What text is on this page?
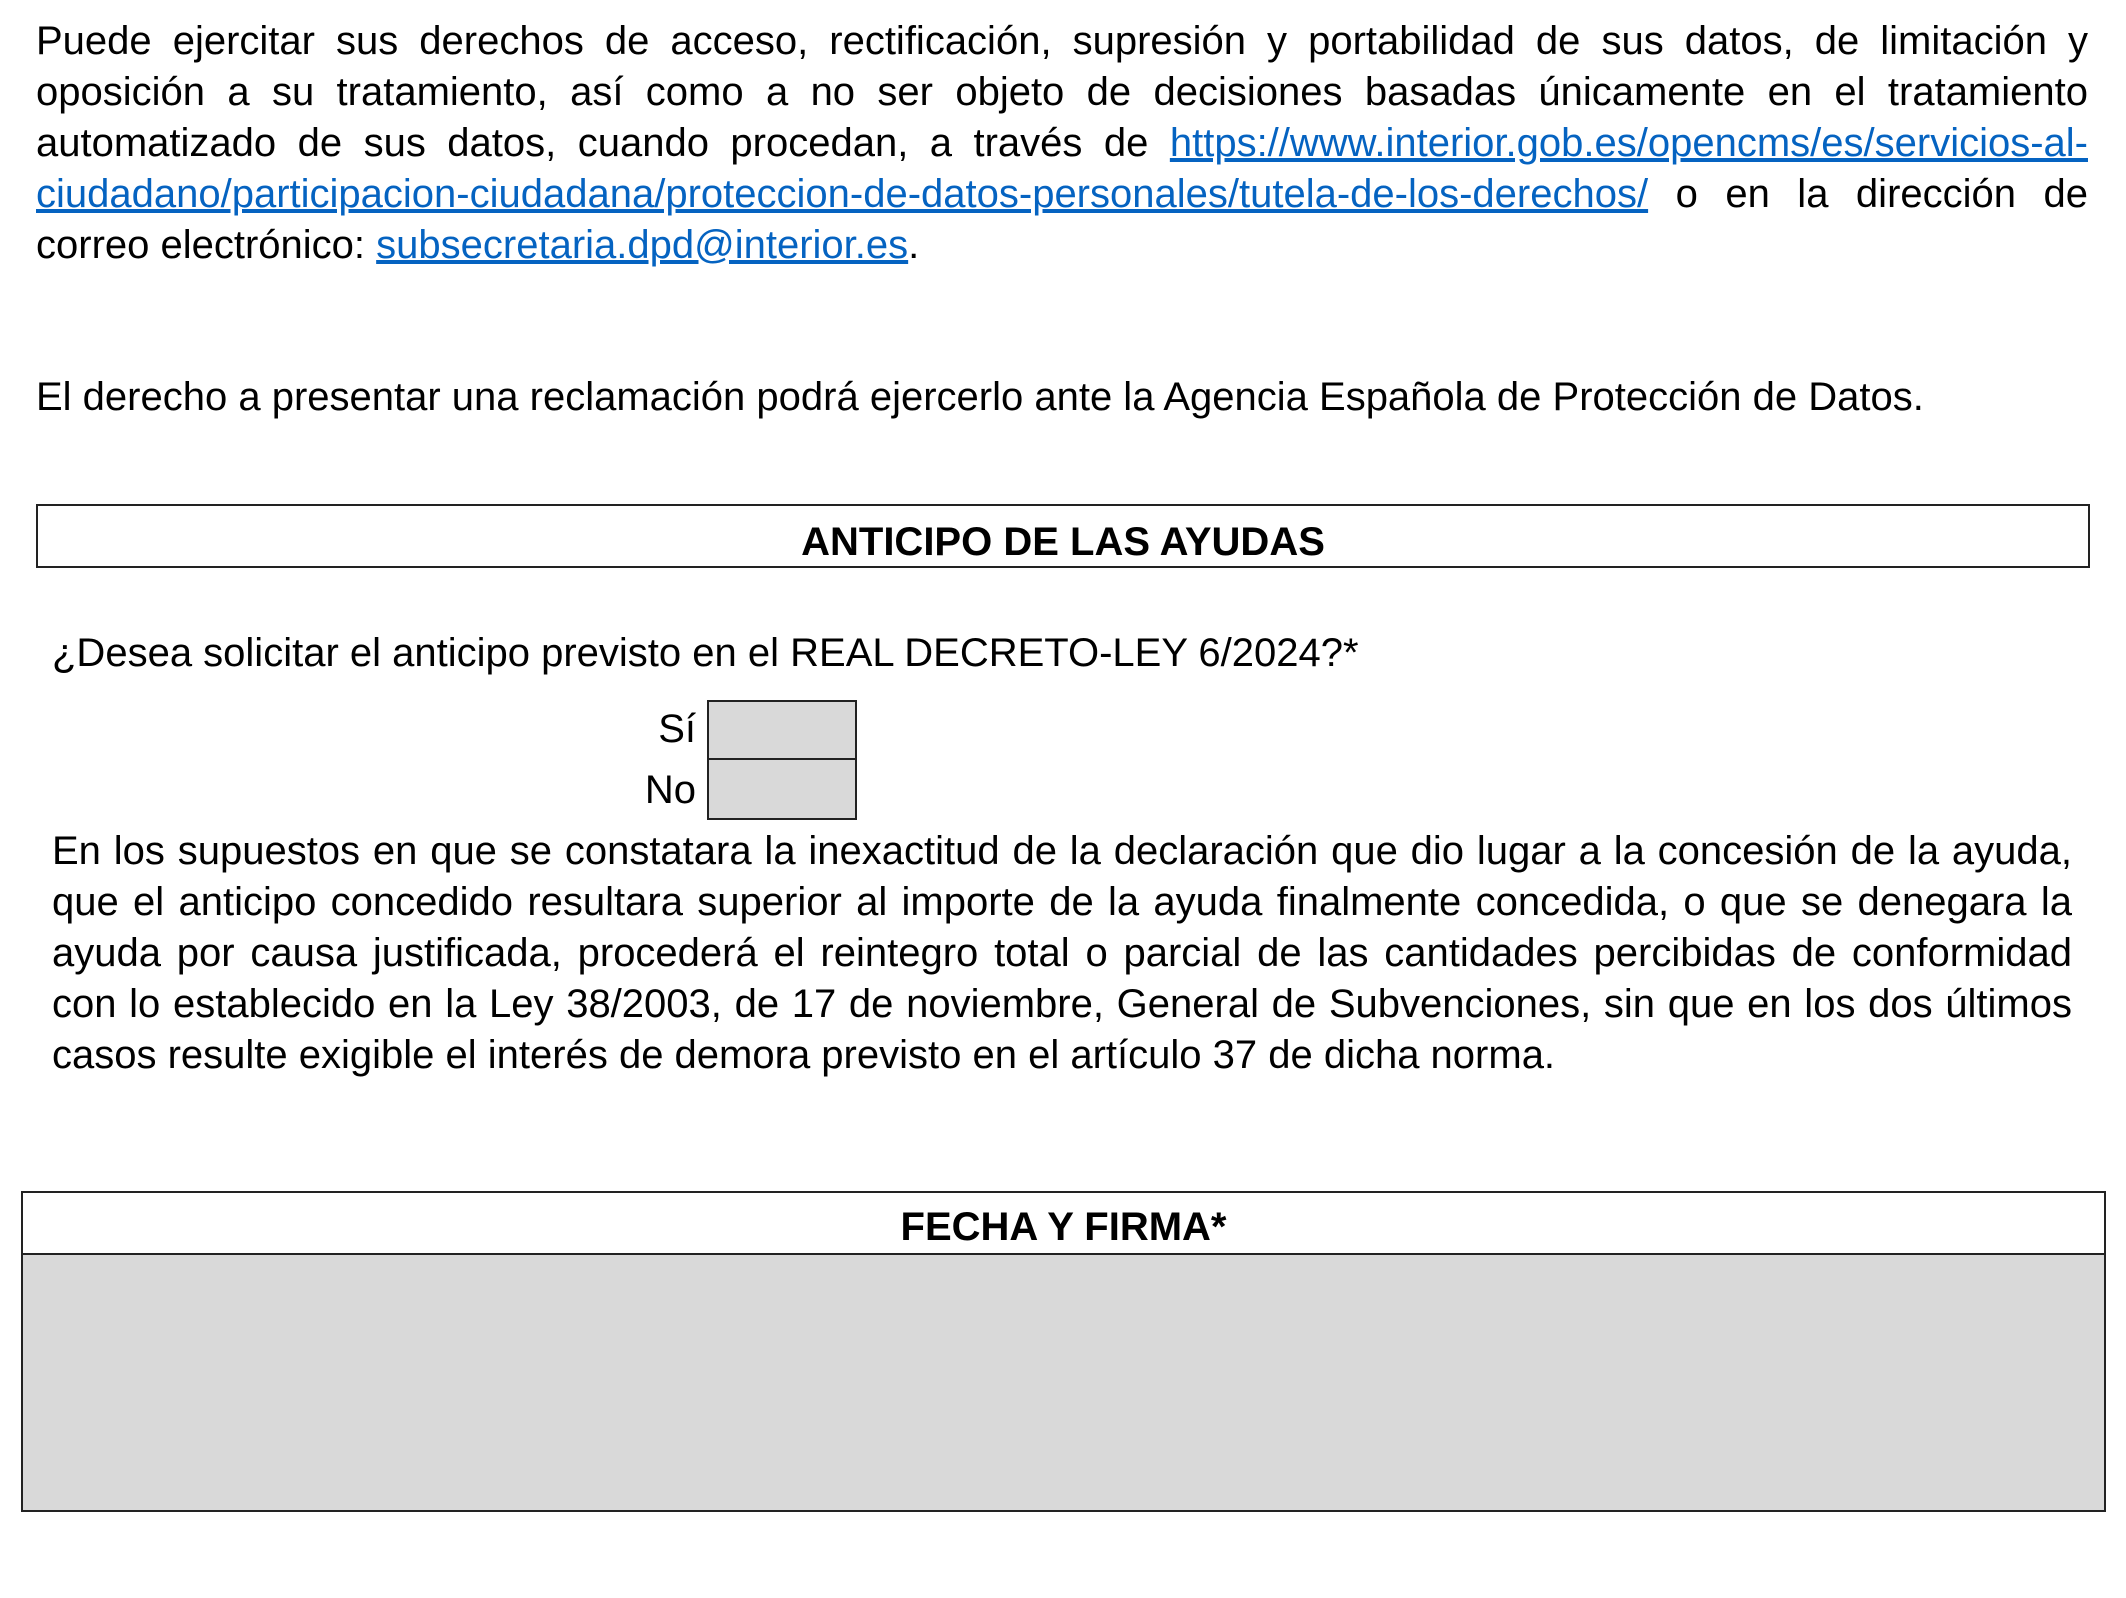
Puede ejercitar sus derechos de acceso, rectificación, supresión y portabilidad de sus datos, de limitación y oposición a su tratamiento, así como a no ser objeto de decisiones basadas únicamente en el tratamiento automatizado de sus datos, cuando procedan, a través de https://www.interior.gob.es/opencms/es/servicios-al-ciudadano/participacion-ciudadana/proteccion-de-datos-personales/tutela-de-los-derechos/ o en la dirección de correo electrónico: subsecretaria.dpd@interior.es.

El derecho a presentar una reclamación podrá ejercerlo ante la Agencia Española de Protección de Datos.

ANTICIPO DE LAS AYUDAS

¿Desea solicitar el anticipo previsto en el REAL DECRETO-LEY 6/2024?*

Sí
No

En los supuestos en que se constatara la inexactitud de la declaración que dio lugar a la concesión de la ayuda, que el anticipo concedido resultara superior al importe de la ayuda finalmente concedida, o que se denegara la ayuda por causa justificada, procederá el reintegro total o parcial de las cantidades percibidas de conformidad con lo establecido en la Ley 38/2003, de 17 de noviembre, General de Subvenciones, sin que en los dos últimos casos resulte exigible el interés de demora previsto en el artículo 37 de dicha norma.

FECHA Y FIRMA*
